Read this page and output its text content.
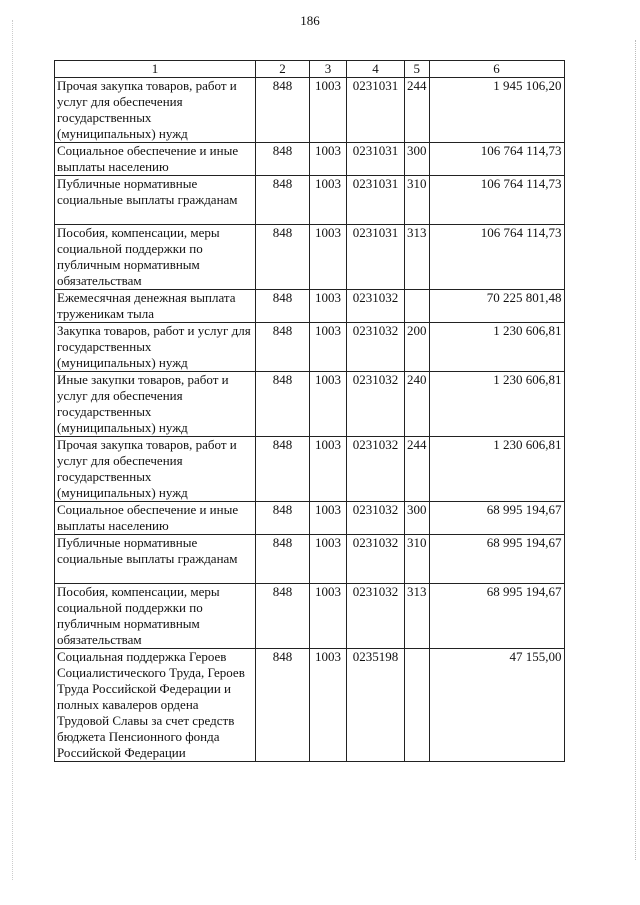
186
1	2	3	4	5	6
Прочая закупка товаров, работ и услуг для обеспечения государственных (муниципальных) нужд	848	1003	0231031	244	1 945 106,20
Социальное обеспечение и иные выплаты населению	848	1003	0231031	300	106 764 114,73
Публичные нормативные социальные выплаты гражданам	848	1003	0231031	310	106 764 114,73
Пособия, компенсации, меры социальной поддержки по публичным нормативным обязательствам	848	1003	0231031	313	106 764 114,73
Ежемесячная денежная выплата труженикам тыла	848	1003	0231032		70 225 801,48
Закупка товаров, работ и услуг для государственных (муниципальных) нужд	848	1003	0231032	200	1 230 606,81
Иные закупки товаров, работ и услуг для обеспечения государственных (муниципальных) нужд	848	1003	0231032	240	1 230 606,81
Прочая закупка товаров, работ и услуг для обеспечения государственных (муниципальных) нужд	848	1003	0231032	244	1 230 606,81
Социальное обеспечение и иные выплаты населению	848	1003	0231032	300	68 995 194,67
Публичные нормативные социальные выплаты гражданам	848	1003	0231032	310	68 995 194,67
Пособия, компенсации, меры социальной поддержки по публичным нормативным обязательствам	848	1003	0231032	313	68 995 194,67
Социальная поддержка Героев Социалистического Труда, Героев Труда Российской Федерации и полных кавалеров ордена Трудовой Славы за счет средств бюджета Пенсионного фонда Российской Федерации	848	1003	0235198		47 155,00
